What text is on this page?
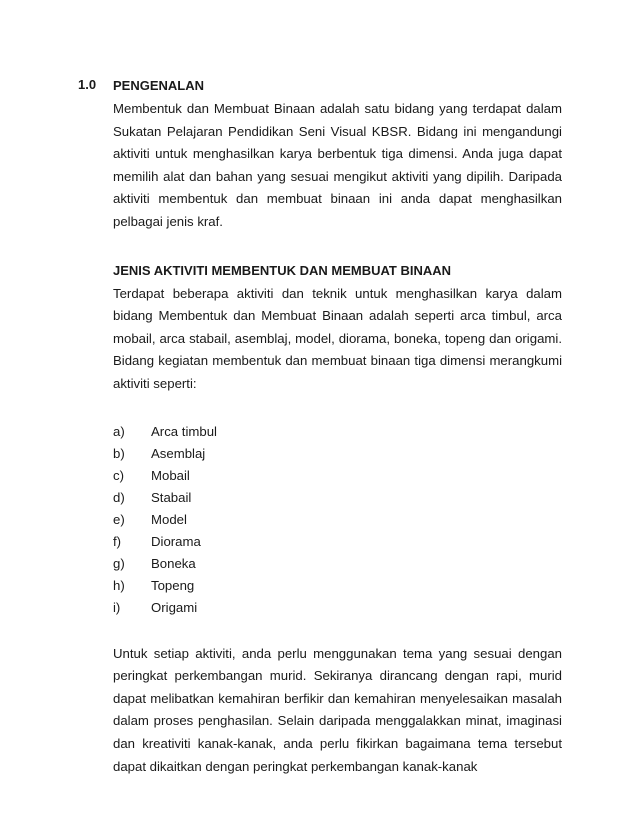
1.0 PENGENALAN

Membentuk dan Membuat Binaan adalah satu bidang yang terdapat dalam Sukatan Pelajaran Pendidikan Seni Visual KBSR. Bidang ini mengandungi aktiviti untuk menghasilkan karya berbentuk tiga dimensi. Anda juga dapat memilih alat dan bahan yang sesuai mengikut aktiviti yang dipilih. Daripada aktiviti membentuk dan membuat binaan ini anda dapat menghasilkan pelbagai jenis kraf.

JENIS AKTIVITI MEMBENTUK DAN MEMBUAT BINAAN

Terdapat beberapa aktiviti dan teknik untuk menghasilkan karya dalam bidang Membentuk dan Membuat Binaan adalah seperti arca timbul, arca mobail, arca stabail, asemblaj, model, diorama, boneka, topeng dan origami. Bidang kegiatan membentuk dan membuat binaan tiga dimensi merangkumi aktiviti seperti:

a)	Arca timbul
b)	Asemblaj
c)	Mobail
d)	Stabail
e)	Model
f)	Diorama
g)	Boneka
h)	Topeng
i)	Origami

Untuk setiap aktiviti, anda perlu menggunakan tema yang sesuai dengan peringkat perkembangan murid. Sekiranya dirancang dengan rapi, murid dapat melibatkan kemahiran berfikir dan kemahiran menyelesaikan masalah dalam proses penghasilan. Selain daripada menggalakkan minat, imaginasi dan kreativiti kanak-kanak, anda perlu fikirkan bagaimana tema tersebut dapat dikaitkan dengan peringkat perkembangan kanak-kanak
